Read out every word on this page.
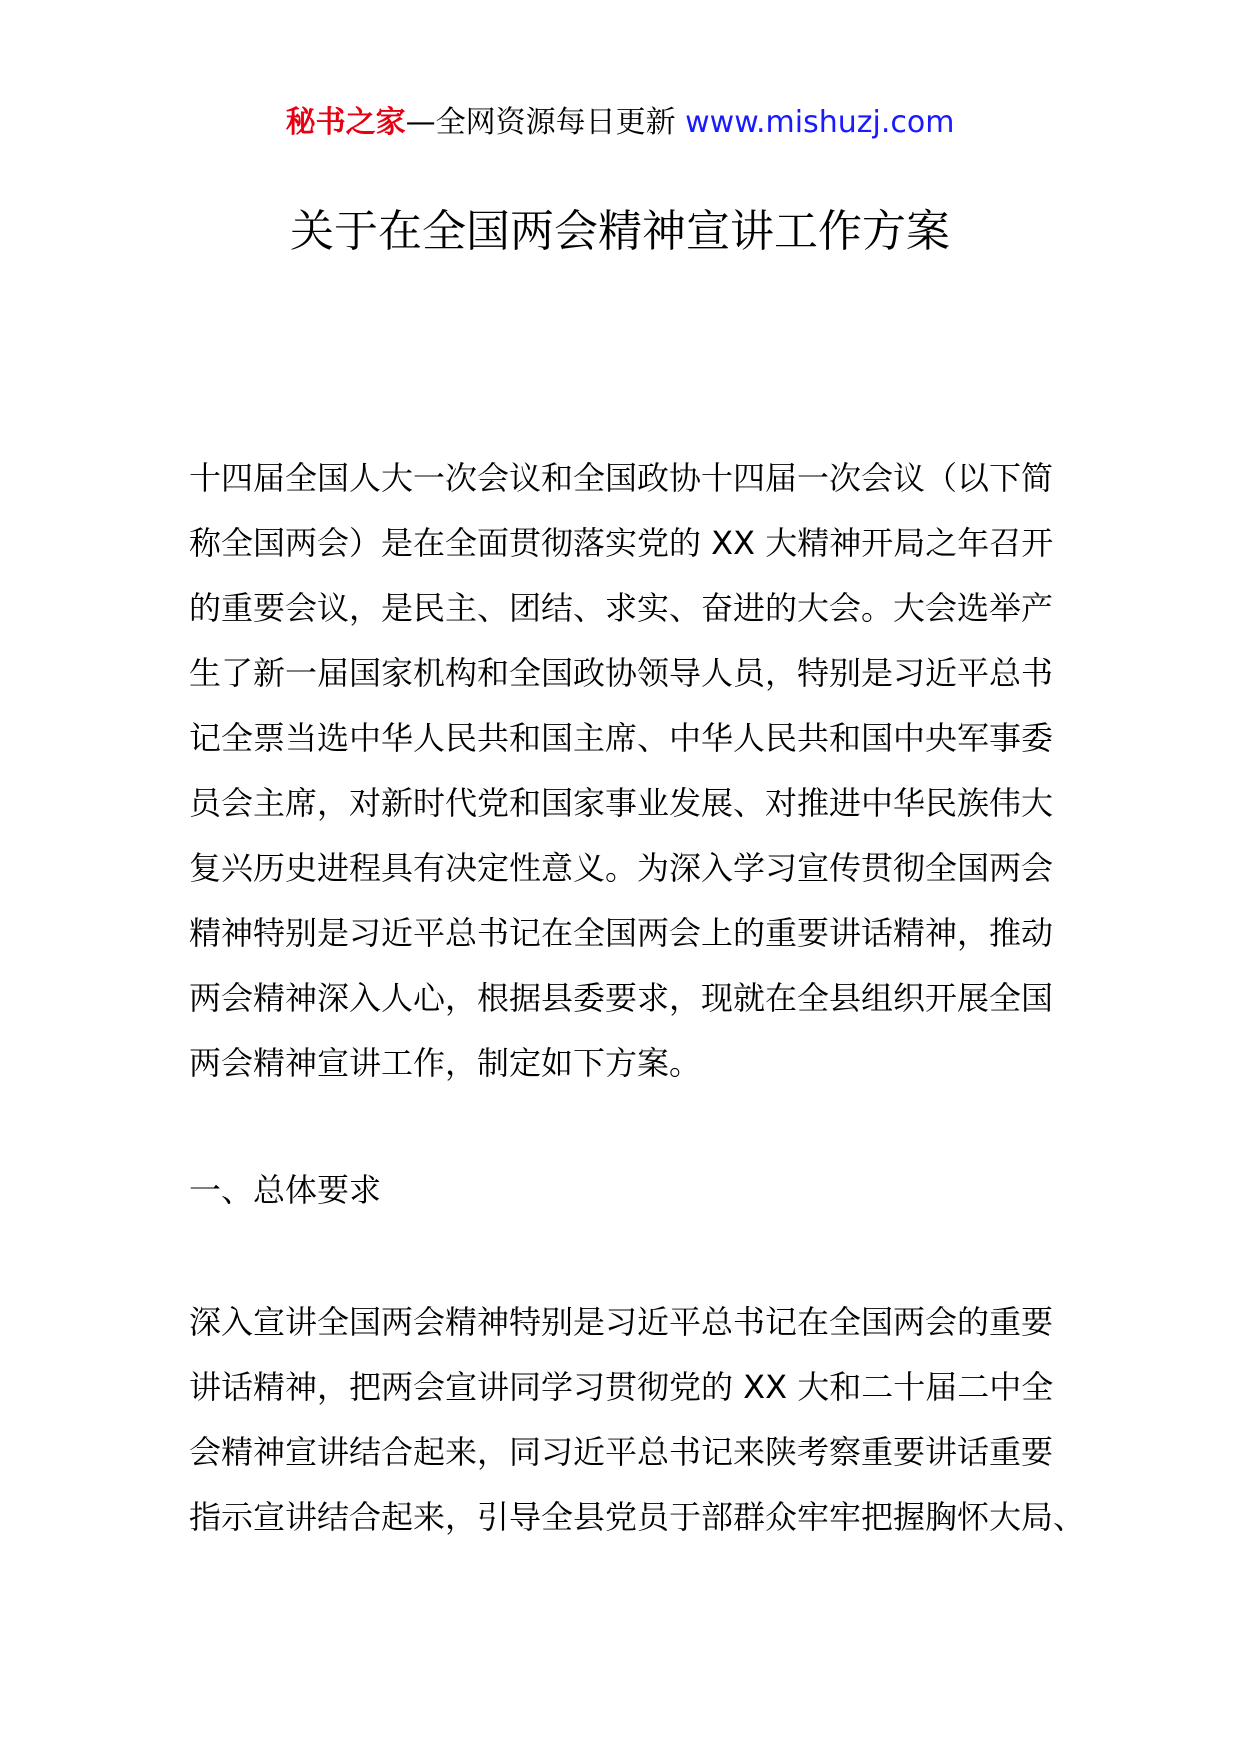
秘书之家—全网资源每日更新 www.mishuzj.com
关于在全国两会精神宣讲工作方案
十四届全国人大一次会议和全国政协十四届一次会议（以下简
称全国两会）是在全面贯彻落实党的 XX 大精神开局之年召开
的重要会议，是民主、团结、求实、奋进的大会。大会选举产
生了新一届国家机构和全国政协领导人员，特别是习近平总书
记全票当选中华人民共和国主席、中华人民共和国中央军事委
员会主席，对新时代党和国家事业发展、对推进中华民族伟大
复兴历史进程具有决定性意义。为深入学习宣传贯彻全国两会
精神特别是习近平总书记在全国两会上的重要讲话精神，推动
两会精神深入人心，根据县委要求，现就在全县组织开展全国
两会精神宣讲工作，制定如下方案。
一、总体要求
深入宣讲全国两会精神特别是习近平总书记在全国两会的重要
讲话精神，把两会宣讲同学习贯彻党的 XX 大和二十届二中全
会精神宣讲结合起来，同习近平总书记来陕考察重要讲话重要
指示宣讲结合起来，引导全县党员于部群众牢牢把握胸怀大局、
